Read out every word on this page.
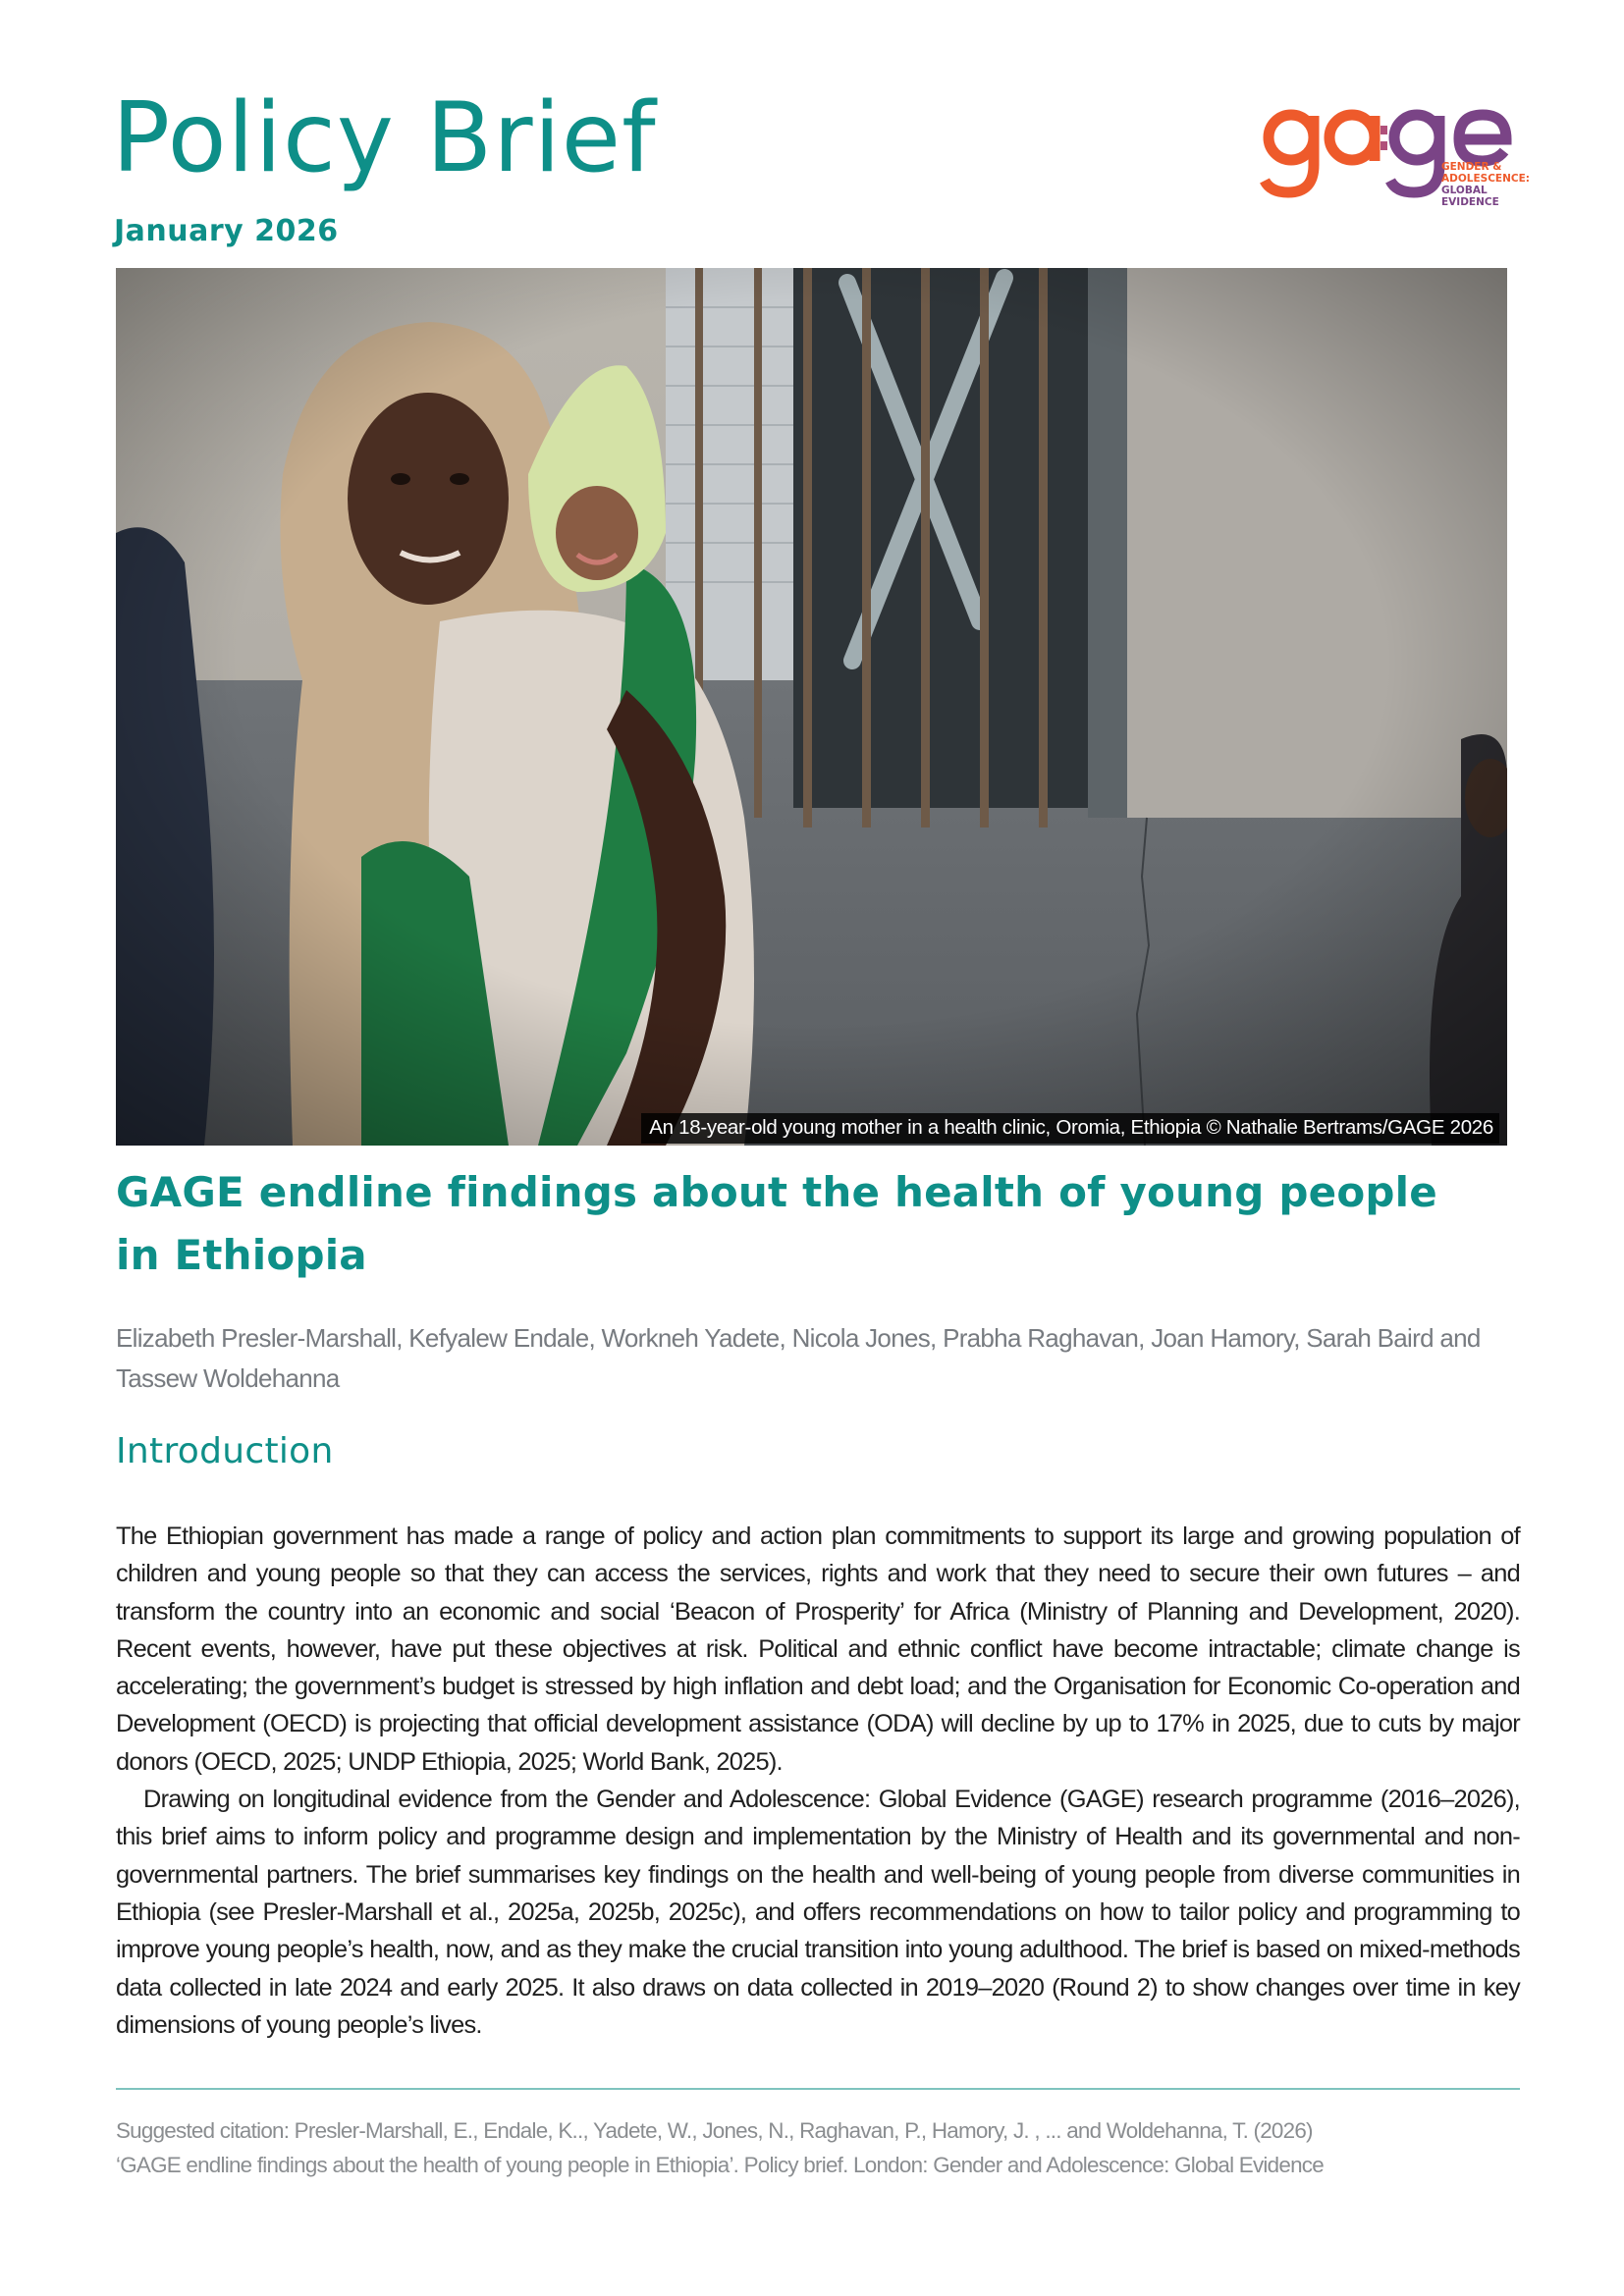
Policy Brief
January 2026
GENDER &
ADOLESCENCE:
GLOBAL
EVIDENCE
An 18-year-old young mother in a health clinic, Oromia, Ethiopia © Nathalie Bertrams/GAGE 2026
GAGE endline findings about the health of young people in Ethiopia
Elizabeth Presler-Marshall, Kefyalew Endale, Workneh Yadete, Nicola Jones, Prabha Raghavan, Joan Hamory, Sarah Baird and Tassew Woldehanna
Introduction

The Ethiopian government has made a range of policy and action plan commitments to support its large and growing population of children and young people so that they can access the services, rights and work that they need to secure their own futures – and transform the country into an economic and social ‘Beacon of Prosperity’ for Africa (Ministry of Planning and Development, 2020). Recent events, however, have put these objectives at risk. Political and ethnic conflict have become intractable; climate change is accelerating; the government’s budget is stressed by high inflation and debt load; and the Organisation for Economic Co-operation and Development (OECD) is projecting that official development assistance (ODA) will decline by up to 17% in 2025, due to cuts by major donors (OECD, 2025; UNDP Ethiopia, 2025; World Bank, 2025).

Drawing on longitudinal evidence from the Gender and Adolescence: Global Evidence (GAGE) research programme (2016–2026), this brief aims to inform policy and programme design and implementation by the Ministry of Health and its governmental and non-governmental partners. The brief summarises key findings on the health and well-being of young people from diverse communities in Ethiopia (see Presler-Marshall et al., 2025a, 2025b, 2025c), and offers recommendations on how to tailor policy and programming to improve young people’s health, now, and as they make the crucial transition into young adulthood. The brief is based on mixed-methods data collected in late 2024 and early 2025. It also draws on data collected in 2019–2020 (Round 2) to show changes over time in key dimensions of young people’s lives.

Suggested citation: Presler-Marshall, E., Endale, K.., Yadete, W., Jones, N., Raghavan, P., Hamory, J. , ... and Woldehanna, T. (2026)

‘GAGE endline findings about the health of young people in Ethiopia’. Policy brief. London: Gender and Adolescence: Global Evidence
